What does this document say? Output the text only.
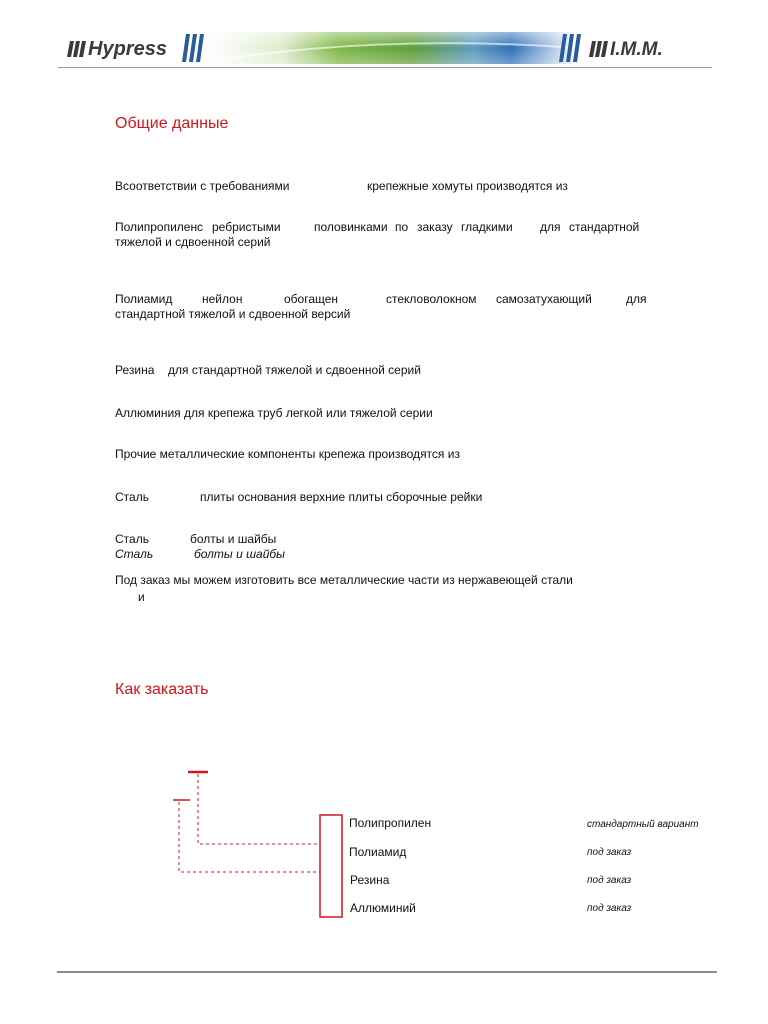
Hypress	I.M.M.
Общие данные
Всоответствии с требованиями	крепежные хомуты производятся из
Полипропилен с ребристыми	половинками по заказу гладкими для стандартной
тяжелой и сдвоенной серий
Полиамид нейлон	обогащен	стекловолокном самозатухающий	для
стандартной тяжелой и сдвоенной версий
Резина для стандартной тяжелой и сдвоенной серий
Аллюминия для крепежа труб легкой или тяжелой серии
Прочие металлические компоненты крепежа производятся из
Сталь	плиты основания верхние плиты сборочные рейки
Сталь	болты и шайбы
Сталь	болты и шайбы
Под заказ мы можем изготовить все металлические части из нержавеющей стали
и
Как заказать
Полипропилен	стандартный вариант
Полиамид	под заказ
Резина	под заказ
Аллюминий	под заказ
